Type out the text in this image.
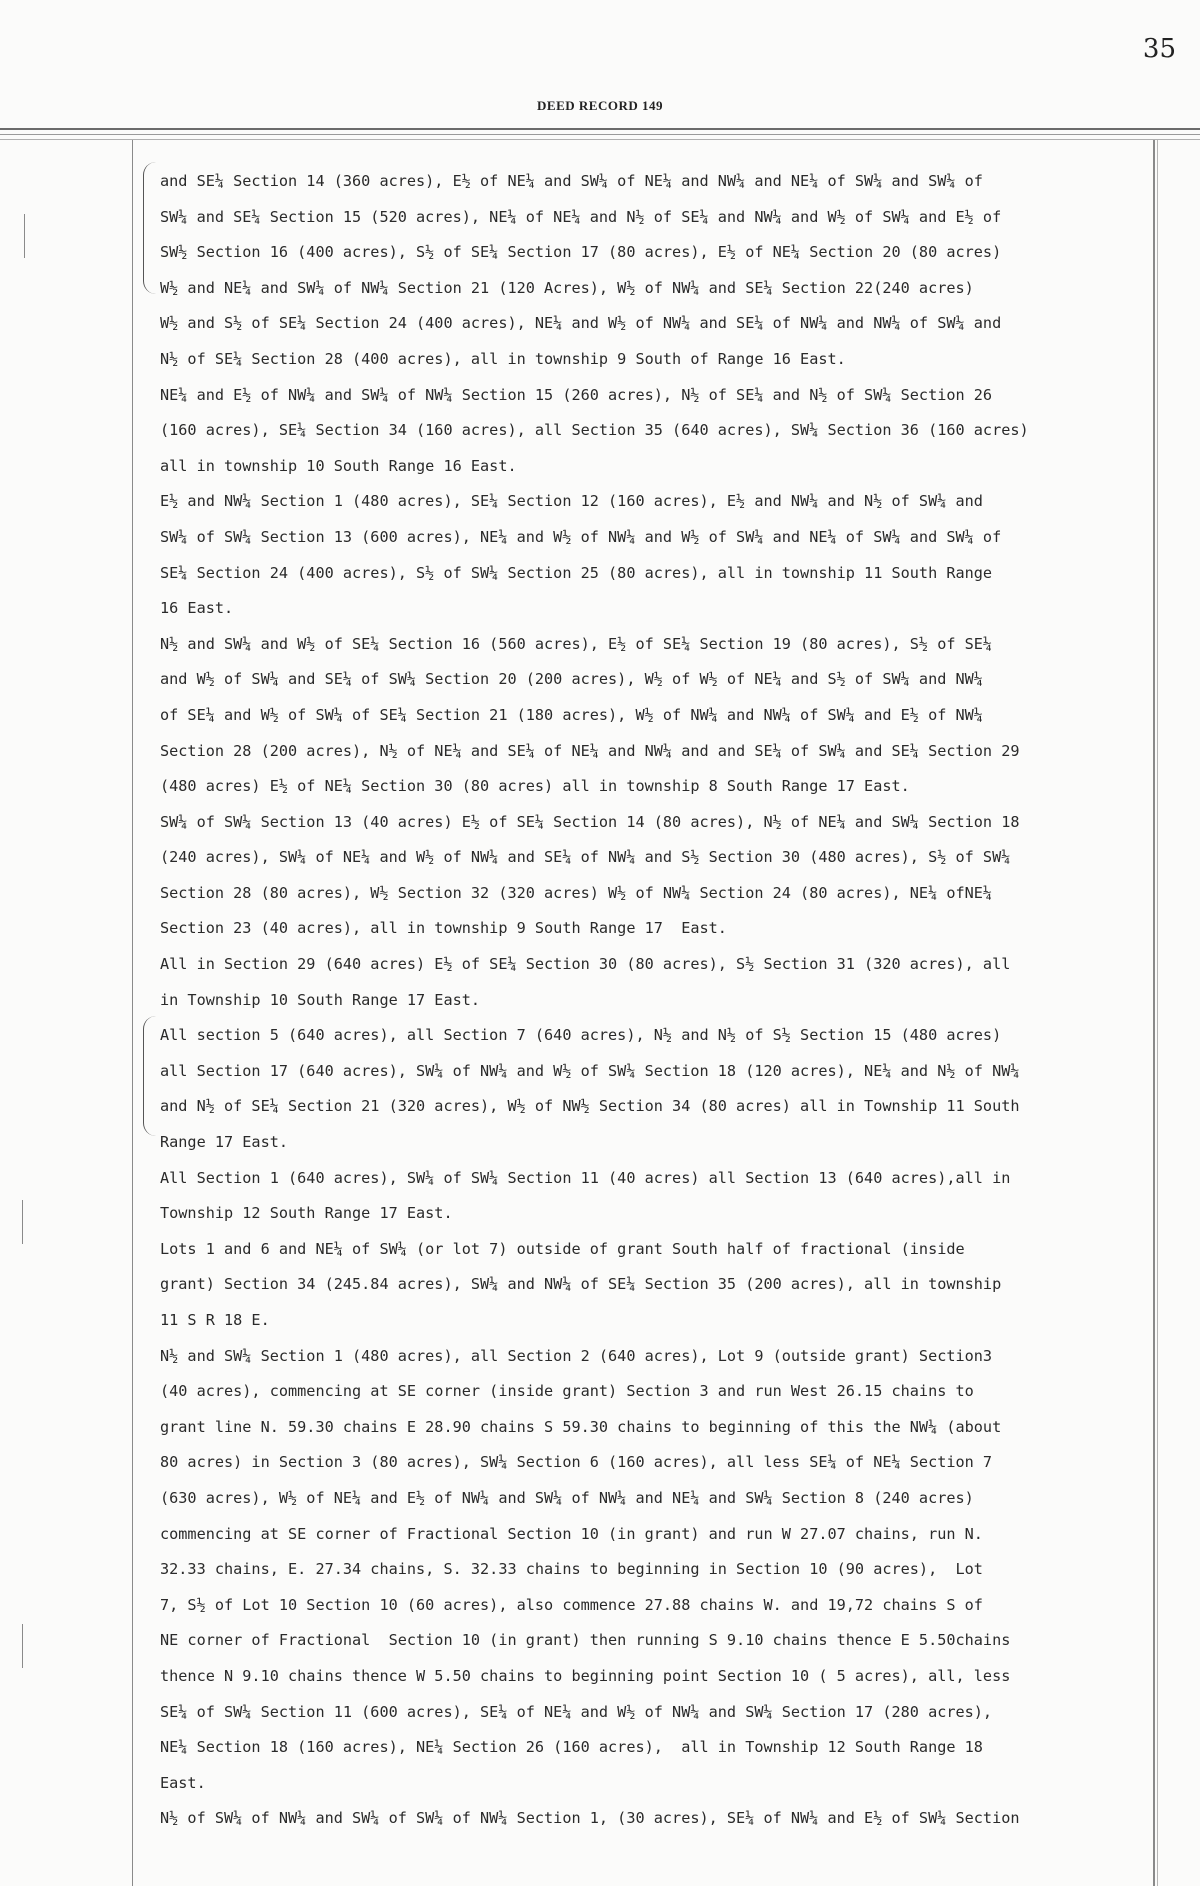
35
DEED RECORD 149
and SE¼ Section 14 (360 acres), E½ of NE¼ and SW¼ of NE¼ and NW¼ and NE¼ of SW¼ and SW¼ of
SW¼ and SE¼ Section 15 (520 acres), NE¼ of NE¼ and N½ of SE¼ and NW¼ and W½ of SW¼ and E½ of
SW½ Section 16 (400 acres), S½ of SE¼ Section 17 (80 acres), E½ of NE¼ Section 20 (80 acres)
W½ and NE¼ and SW¼ of NW¼ Section 21 (120 Acres), W½ of NW¼ and SE¼ Section 22(240 acres)
W½ and S½ of SE¼ Section 24 (400 acres), NE¼ and W½ of NW¼ and SE¼ of NW¼ and NW¼ of SW¼ and
N½ of SE¼ Section 28 (400 acres), all in township 9 South of Range 16 East.
NE¼ and E½ of NW¼ and SW¼ of NW¼ Section 15 (260 acres), N½ of SE¼ and N½ of SW¼ Section 26
(160 acres), SE¼ Section 34 (160 acres), all Section 35 (640 acres), SW¼ Section 36 (160 acres)
all in township 10 South Range 16 East.
E½ and NW¼ Section 1 (480 acres), SE¼ Section 12 (160 acres), E½ and NW¼ and N½ of SW¼ and
SW¼ of SW¼ Section 13 (600 acres), NE¼ and W½ of NW¼ and W½ of SW¼ and NE¼ of SW¼ and SW¼ of
SE¼ Section 24 (400 acres), S½ of SW¼ Section 25 (80 acres), all in township 11 South Range
16 East.
N½ and SW¼ and W½ of SE¼ Section 16 (560 acres), E½ of SE¼ Section 19 (80 acres), S½ of SE¼
and W½ of SW¼ and SE¼ of SW¼ Section 20 (200 acres), W½ of W½ of NE¼ and S½ of SW¼ and NW¼
of SE¼ and W½ of SW¼ of SE¼ Section 21 (180 acres), W½ of NW¼ and NW¼ of SW¼ and E½ of NW¼
Section 28 (200 acres), N½ of NE¼ and SE¼ of NE¼ and NW¼ and and SE¼ of SW¼ and SE¼ Section 29
(480 acres) E½ of NE¼ Section 30 (80 acres) all in township 8 South Range 17 East.
SW¼ of SW¼ Section 13 (40 acres) E½ of SE¼ Section 14 (80 acres), N½ of NE¼ and SW¼ Section 18
(240 acres), SW¼ of NE¼ and W½ of NW¼ and SE¼ of NW¼ and S½ Section 30 (480 acres), S½ of SW¼
Section 28 (80 acres), W½ Section 32 (320 acres) W½ of NW¼ Section 24 (80 acres), NE¼ ofNE¼
Section 23 (40 acres), all in township 9 South Range 17  East.
All in Section 29 (640 acres) E½ of SE¼ Section 30 (80 acres), S½ Section 31 (320 acres), all
in Township 10 South Range 17 East.
All section 5 (640 acres), all Section 7 (640 acres), N½ and N½ of S½ Section 15 (480 acres)
all Section 17 (640 acres), SW¼ of NW¼ and W½ of SW¼ Section 18 (120 acres), NE¼ and N½ of NW¼
and N½ of SE¼ Section 21 (320 acres), W½ of NW½ Section 34 (80 acres) all in Township 11 South
Range 17 East.
All Section 1 (640 acres), SW¼ of SW¼ Section 11 (40 acres) all Section 13 (640 acres),all in
Township 12 South Range 17 East.
Lots 1 and 6 and NE¼ of SW¼ (or lot 7) outside of grant South half of fractional (inside
grant) Section 34 (245.84 acres), SW¼ and NW¼ of SE¼ Section 35 (200 acres), all in township
11 S R 18 E.
N½ and SW¼ Section 1 (480 acres), all Section 2 (640 acres), Lot 9 (outside grant) Section3
(40 acres), commencing at SE corner (inside grant) Section 3 and run West 26.15 chains to
grant line N. 59.30 chains E 28.90 chains S 59.30 chains to beginning of this the NW¼ (about
80 acres) in Section 3 (80 acres), SW¼ Section 6 (160 acres), all less SE¼ of NE¼ Section 7
(630 acres), W½ of NE¼ and E½ of NW¼ and SW¼ of NW¼ and NE¼ and SW¼ Section 8 (240 acres)
commencing at SE corner of Fractional Section 10 (in grant) and run W 27.07 chains, run N.
32.33 chains, E. 27.34 chains, S. 32.33 chains to beginning in Section 10 (90 acres),  Lot
7, S½ of Lot 10 Section 10 (60 acres), also commence 27.88 chains W. and 19,72 chains S of
NE corner of Fractional  Section 10 (in grant) then running S 9.10 chains thence E 5.50chains
thence N 9.10 chains thence W 5.50 chains to beginning point Section 10 ( 5 acres), all, less
SE¼ of SW¼ Section 11 (600 acres), SE¼ of NE¼ and W½ of NW¼ and SW¼ Section 17 (280 acres),
NE¼ Section 18 (160 acres), NE¼ Section 26 (160 acres),  all in Township 12 South Range 18
East.
N½ of SW¼ of NW¼ and SW¼ of SW¼ of NW¼ Section 1, (30 acres), SE¼ of NW¼ and E½ of SW¼ Section
